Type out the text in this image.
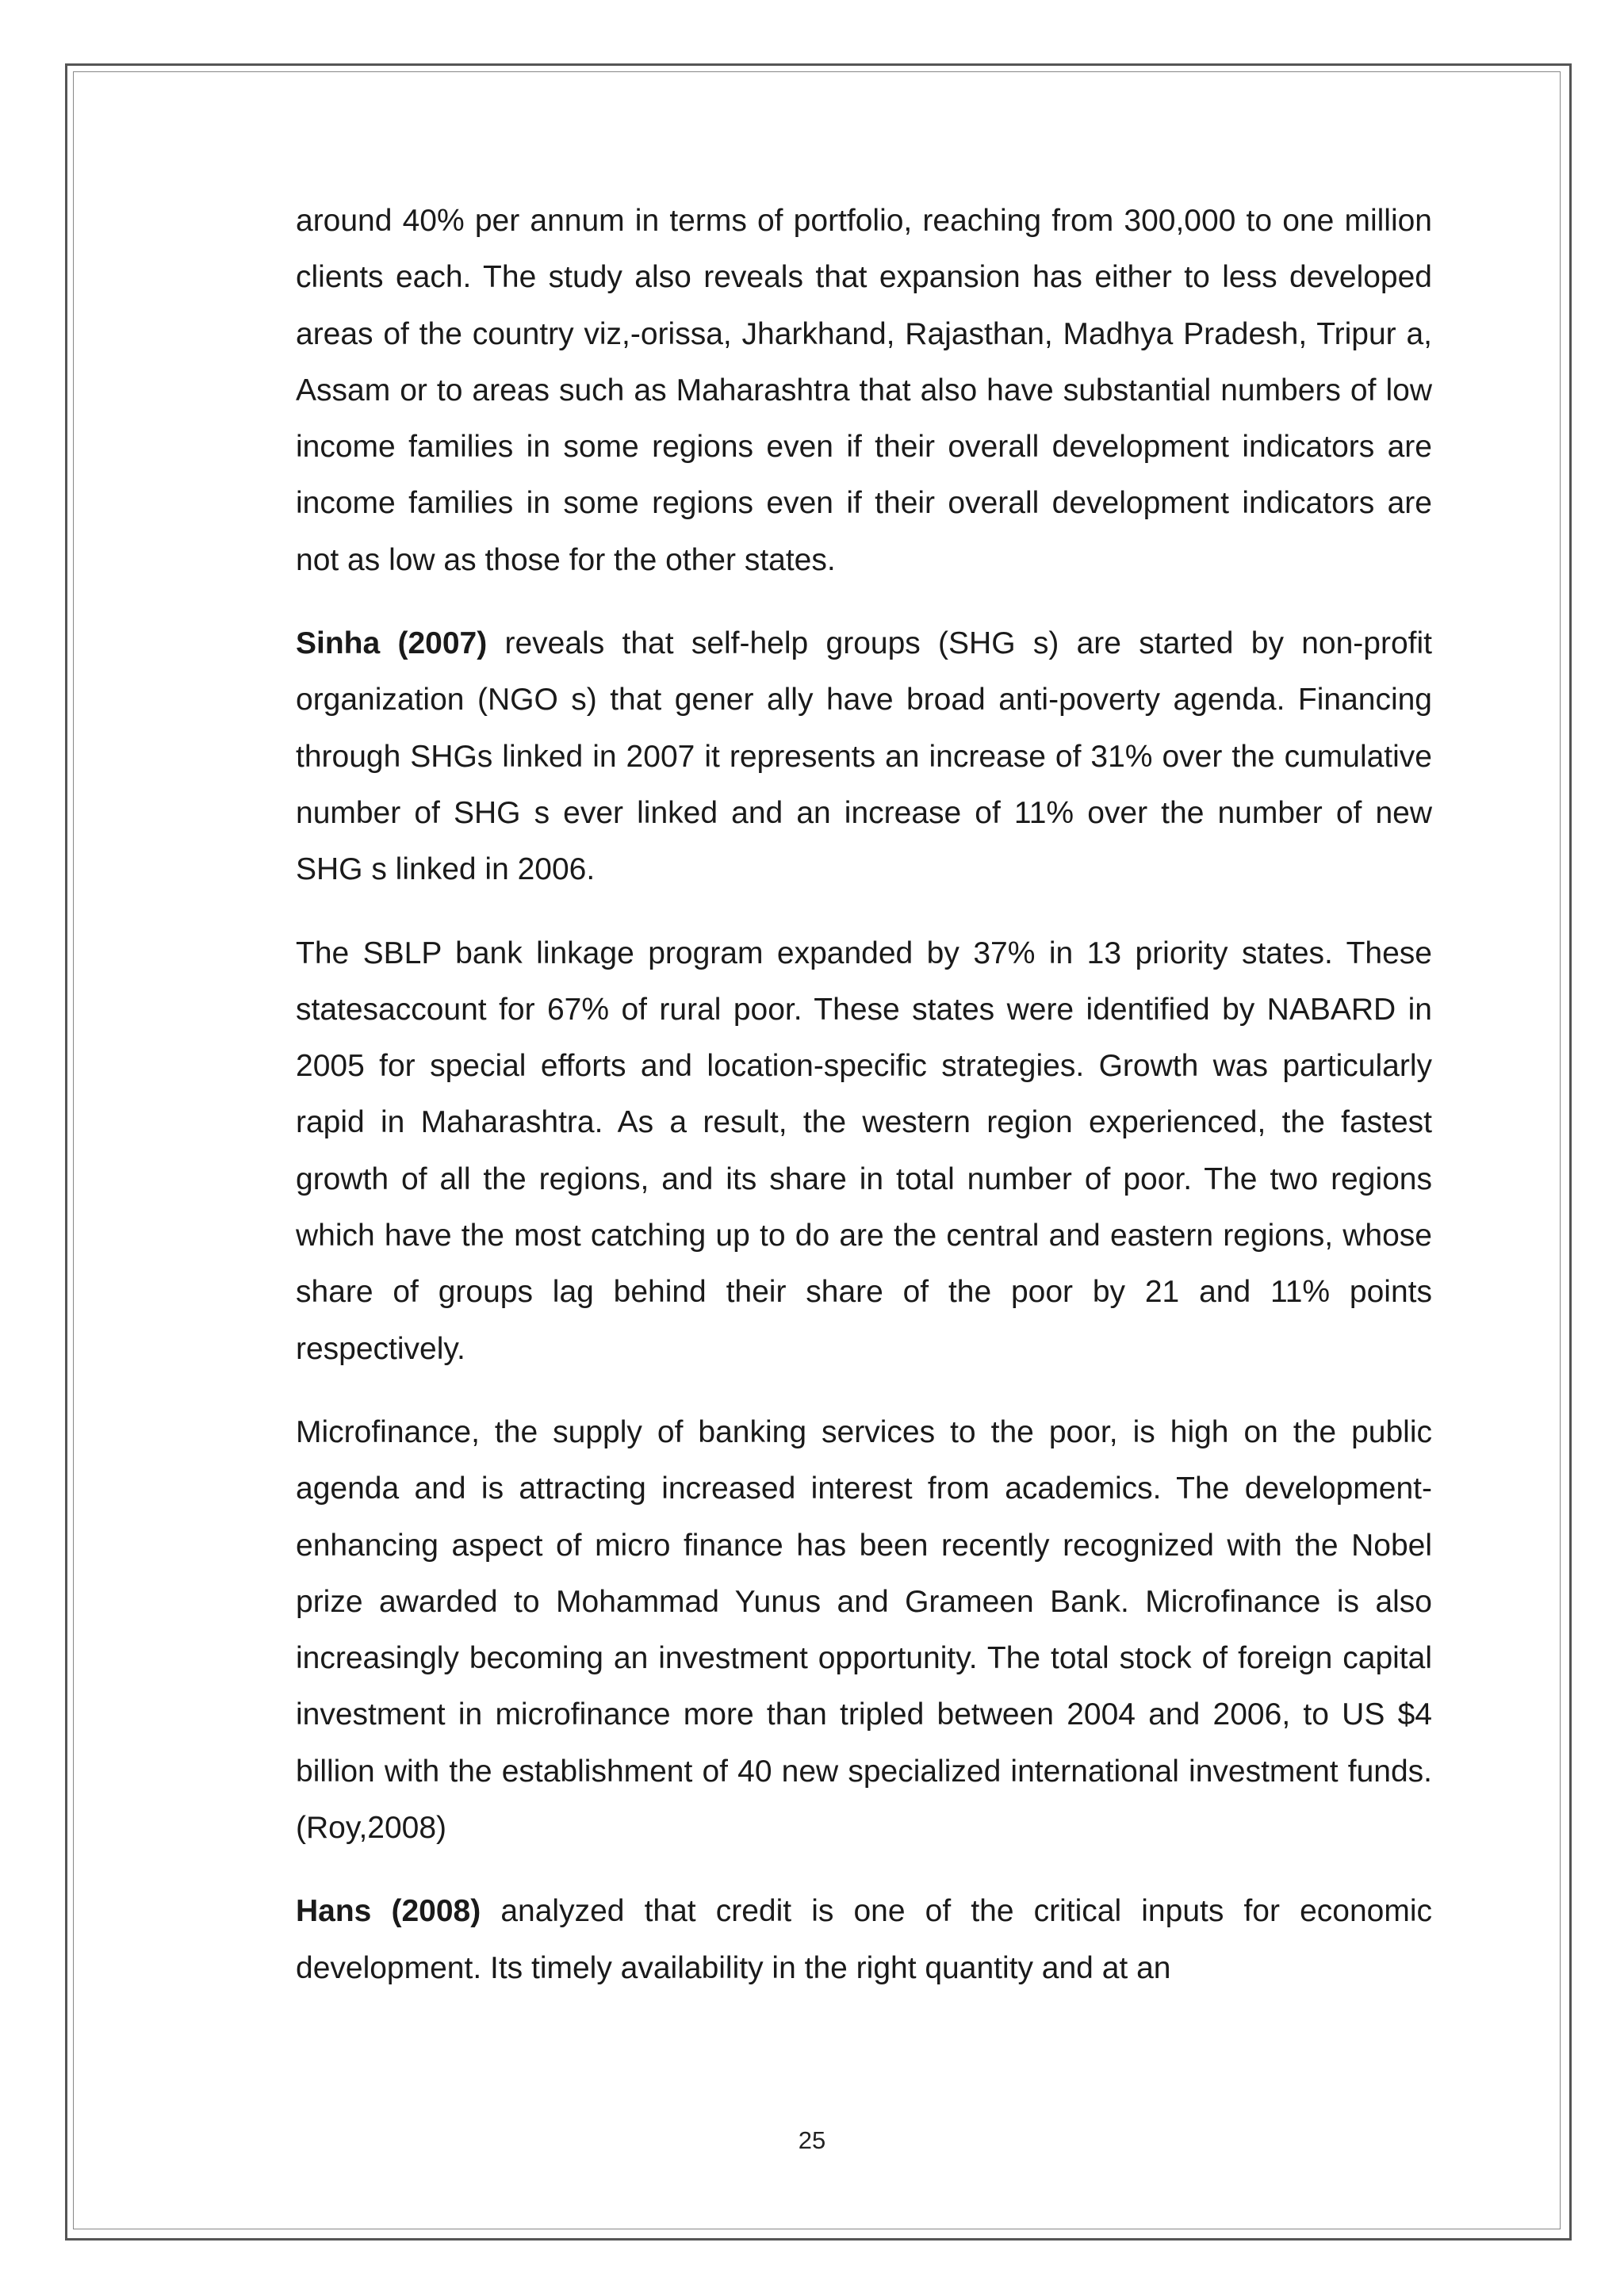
around 40% per annum in terms of portfolio, reaching from 300,000 to one million clients each. The study also reveals that expansion has either to less developed areas of the country viz,-orissa, Jharkhand, Rajasthan, Madhya Pradesh, Tripur a, Assam or to areas such as Maharashtra that also have substantial numbers of low income families in some regions even if their overall development indicators are income families in some regions even if their overall development indicators are not as low as those for the other states.

Sinha (2007) reveals that self-help groups (SHG s) are started by non-profit organization (NGO s) that gener ally have broad anti-poverty agenda. Financing through SHGs linked in 2007 it represents an increase of 31% over the cumulative number of SHG s ever linked and an increase of 11% over the number of new SHG s linked in 2006.

The SBLP bank linkage program expanded by 37% in 13 priority states. These statesaccount for 67% of rural poor. These states were identified by NABARD in 2005 for special efforts and location-specific strategies. Growth was particularly rapid in Maharashtra. As a result, the western region experienced, the fastest growth of all the regions, and its share in total number of poor. The two regions which have the most catching up to do are the central and eastern regions, whose share of groups lag behind their share of the poor by 21 and 11% points respectively.

Microfinance, the supply of banking services to the poor, is high on the public agenda and is attracting increased interest from academics. The development-enhancing aspect of micro finance has been recently recognized with the Nobel prize awarded to Mohammad Yunus and Grameen Bank. Microfinance is also increasingly becoming an investment opportunity. The total stock of foreign capital investment in microfinance more than tripled between 2004 and 2006, to US $4 billion with the establishment of 40 new specialized international investment funds.(Roy,2008)

Hans (2008) analyzed that credit is one of the critical inputs for economic development. Its timely availability in the right quantity and at an

25
